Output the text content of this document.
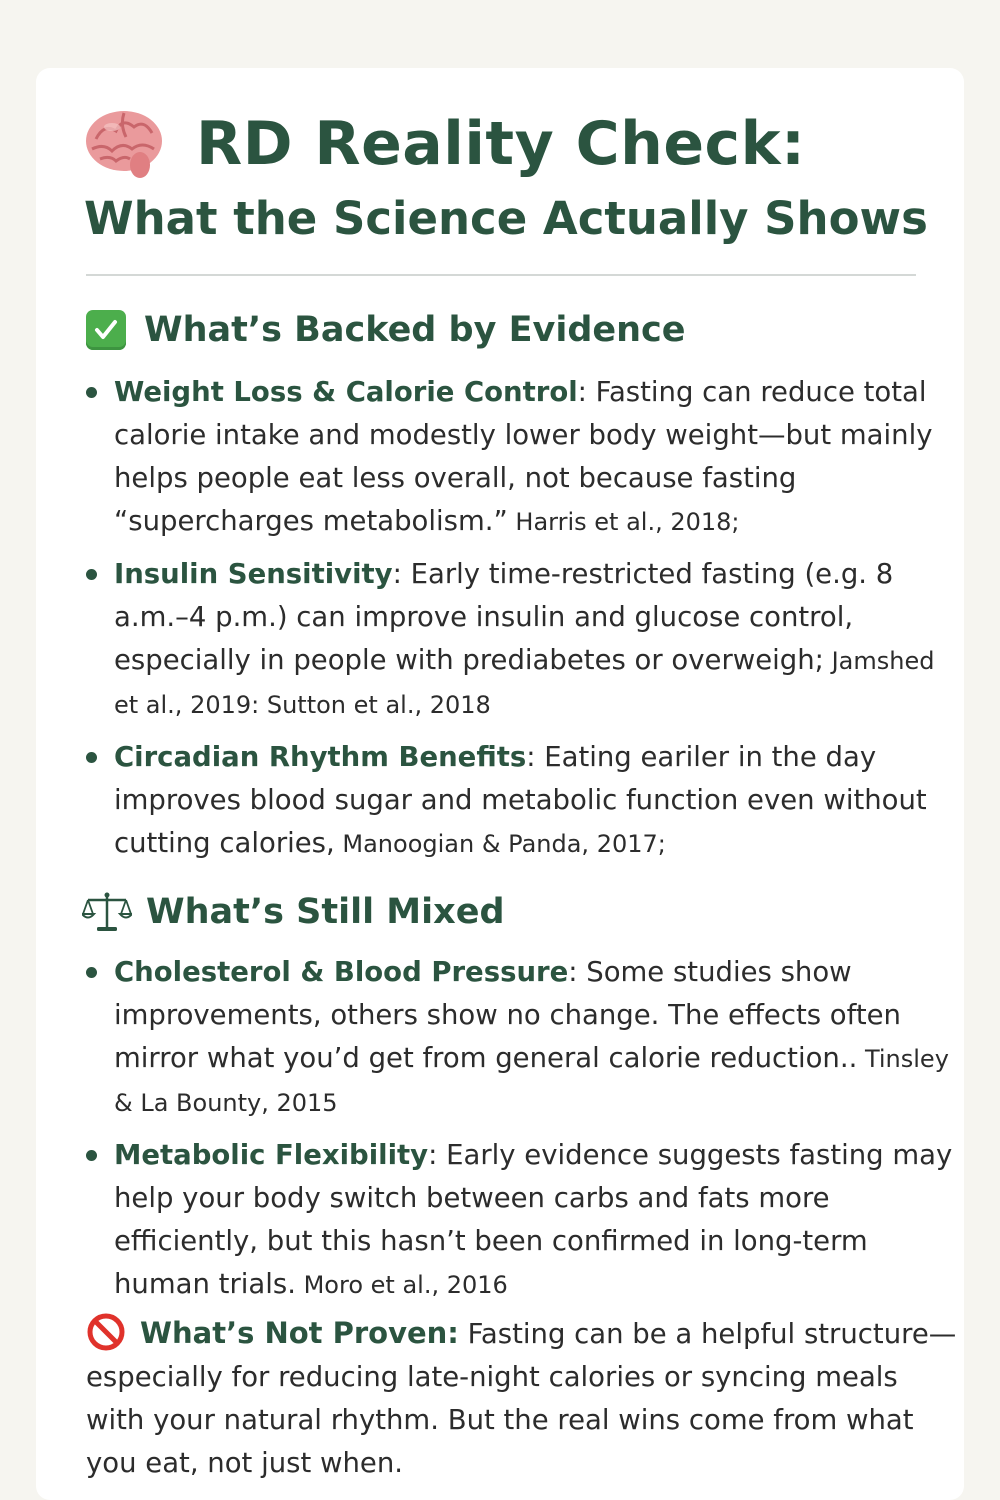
RD Reality Check:
What the Science Actually Shows
What’s Backed by Evidence
Weight Loss & Calorie Control: Fasting can reduce total calorie intake and modestly lower body weight—but mainly helps people eat less overall, not because fasting “supercharges metabolism.” Harris et al., 2018;
Insulin Sensitivity: Early time-restricted fasting (e.g. 8 a.m.–4 p.m.) can improve insulin and glucose control, especially in people with prediabetes or overweigh; Jamshed et al., 2019: Sutton et al., 2018
Circadian Rhythm Benefits: Eating eariler in the day improves blood sugar and metabolic function even without cutting calories, Manoogian & Panda, 2017;
What’s Still Mixed
Cholesterol & Blood Pressure: Some studies show improvements, others show no change. The effects often mirror what you’d get from general calorie reduction.. Tinsley & La Bounty, 2015
Metabolic Flexibility: Early evidence suggests fasting may help your body switch between carbs and fats more efficiently, but this hasn’t been confirmed in long-term human trials. Moro et al., 2016
What’s Not Proven: Fasting can be a helpful structure—especially for reducing late-night calories or syncing meals with your natural rhythm. But the real wins come from what you eat, not just when.
